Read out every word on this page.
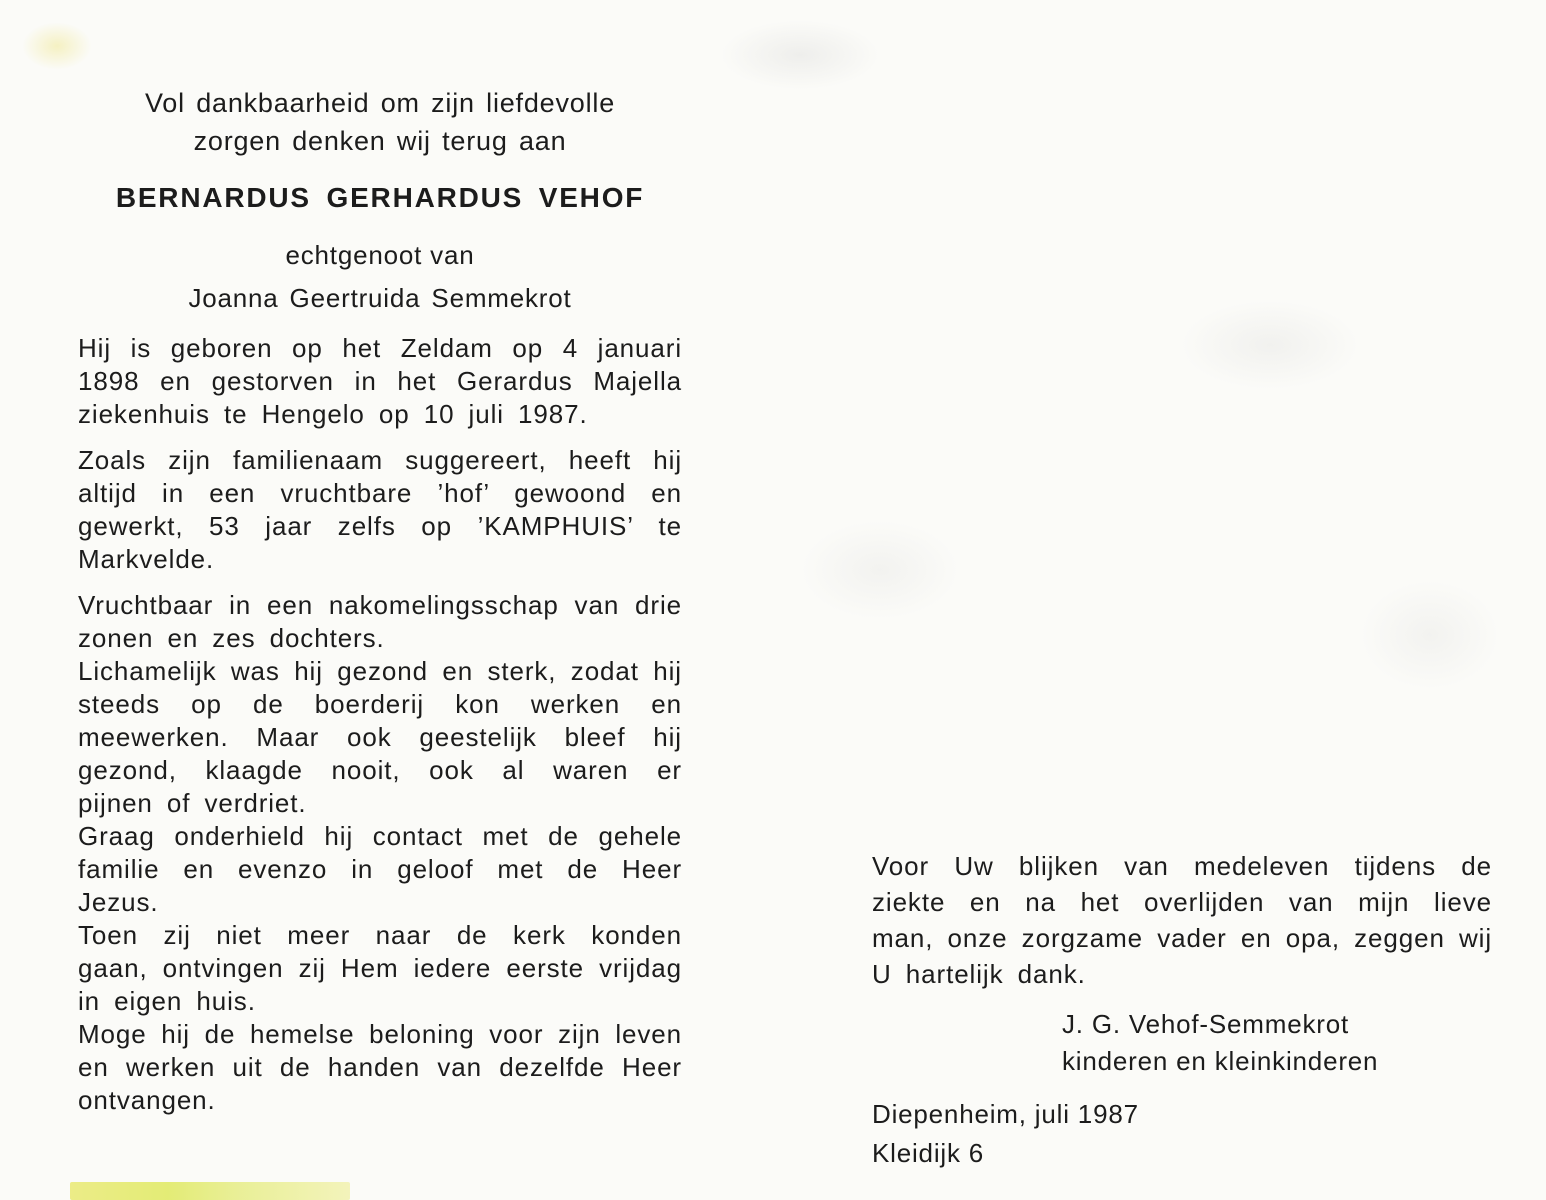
Vol dankbaarheid om zijn liefdevolle
zorgen denken wij terug aan
BERNARDUS GERHARDUS VEHOF
echtgenoot van
Joanna Geertruida Semmekrot

Hij is geboren op het Zeldam op 4 januari 1898 en gestorven in het Gerardus Majella ziekenhuis te Hengelo op 10 juli 1987.

Zoals zijn familienaam suggereert, heeft hij altijd in een vruchtbare ’hof’ gewoond en gewerkt, 53 jaar zelfs op ’KAMPHUIS’ te Markvelde.

Vruchtbaar in een nakomelingsschap van drie zonen en zes dochters.

Lichamelijk was hij gezond en sterk, zodat hij steeds op de boerderij kon werken en meewerken. Maar ook geestelijk bleef hij gezond, klaagde nooit, ook al waren er pijnen of verdriet.

Graag onderhield hij contact met de gehele familie en evenzo in geloof met de Heer Jezus.

Toen zij niet meer naar de kerk konden gaan, ontvingen zij Hem iedere eerste vrijdag in eigen huis.

Moge hij de hemelse beloning voor zijn leven en werken uit de handen van dezelfde Heer ontvangen.

Voor Uw blijken van medeleven tijdens de ziekte en na het overlijden van mijn lieve man, onze zorgzame vader en opa, zeggen wij U hartelijk dank.

J. G. Vehof-Semmekrot
kinderen en kleinkinderen
Diepenheim, juli 1987
Kleidijk 6
